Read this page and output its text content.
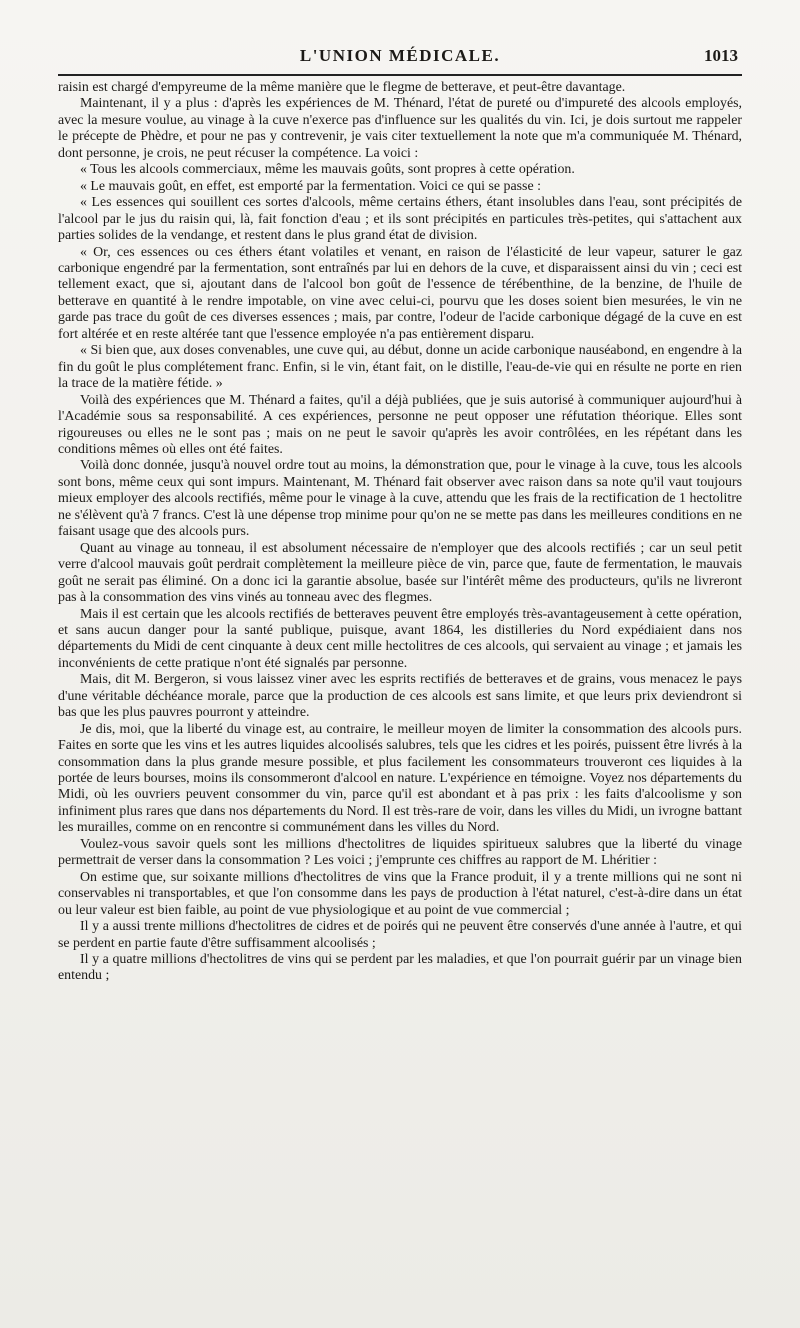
L'UNION MÉDICALE.	1013

raisin est chargé d'empyreume de la même manière que le flegme de betterave, et peut-être davantage.

Maintenant, il y a plus : d'après les expériences de M. Thénard, l'état de pureté ou d'impureté des alcools employés, avec la mesure voulue, au vinage à la cuve n'exerce pas d'influence sur les qualités du vin. Ici, je dois surtout me rappeler le précepte de Phèdre, et pour ne pas y contrevenir, je vais citer textuellement la note que m'a communiquée M. Thénard, dont personne, je crois, ne peut récuser la compétence. La voici :

« Tous les alcools commerciaux, même les mauvais goûts, sont propres à cette opération.

« Le mauvais goût, en effet, est emporté par la fermentation. Voici ce qui se passe :

« Les essences qui souillent ces sortes d'alcools, même certains éthers, étant insolubles dans l'eau, sont précipités de l'alcool par le jus du raisin qui, là, fait fonction d'eau ; et ils sont précipités en particules très-petites, qui s'attachent aux parties solides de la vendange, et restent dans le plus grand état de division.

« Or, ces essences ou ces éthers étant volatiles et venant, en raison de l'élasticité de leur vapeur, saturer le gaz carbonique engendré par la fermentation, sont entraînés par lui en dehors de la cuve, et disparaissent ainsi du vin ; ceci est tellement exact, que si, ajoutant dans de l'alcool bon goût de l'essence de térébenthine, de la benzine, de l'huile de betterave en quantité à le rendre impotable, on vine avec celui-ci, pourvu que les doses soient bien mesurées, le vin ne garde pas trace du goût de ces diverses essences ; mais, par contre, l'odeur de l'acide carbonique dégagé de la cuve en est fort altérée et en reste altérée tant que l'essence employée n'a pas entièrement disparu.

« Si bien que, aux doses convenables, une cuve qui, au début, donne un acide carbonique nauséabond, en engendre à la fin du goût le plus complétement franc. Enfin, si le vin, étant fait, on le distille, l'eau-de-vie qui en résulte ne porte en rien la trace de la matière fétide. »

Voilà des expériences que M. Thénard a faites, qu'il a déjà publiées, que je suis autorisé à communiquer aujourd'hui à l'Académie sous sa responsabilité. A ces expériences, personne ne peut opposer une réfutation théorique. Elles sont rigoureuses ou elles ne le sont pas ; mais on ne peut le savoir qu'après les avoir contrôlées, en les répétant dans les conditions mêmes où elles ont été faites.

Voilà donc donnée, jusqu'à nouvel ordre tout au moins, la démonstration que, pour le vinage à la cuve, tous les alcools sont bons, même ceux qui sont impurs. Maintenant, M. Thénard fait observer avec raison dans sa note qu'il vaut toujours mieux employer des alcools rectifiés, même pour le vinage à la cuve, attendu que les frais de la rectification de 1 hectolitre ne s'élèvent qu'à 7 francs. C'est là une dépense trop minime pour qu'on ne se mette pas dans les meilleures conditions en ne faisant usage que des alcools purs.

Quant au vinage au tonneau, il est absolument nécessaire de n'employer que des alcools rectifiés ; car un seul petit verre d'alcool mauvais goût perdrait complètement la meilleure pièce de vin, parce que, faute de fermentation, le mauvais goût ne serait pas éliminé. On a donc ici la garantie absolue, basée sur l'intérêt même des producteurs, qu'ils ne livreront pas à la consommation des vins vinés au tonneau avec des flegmes.

Mais il est certain que les alcools rectifiés de betteraves peuvent être employés très-avantageusement à cette opération, et sans aucun danger pour la santé publique, puisque, avant 1864, les distilleries du Nord expédiaient dans nos départements du Midi de cent cinquante à deux cent mille hectolitres de ces alcools, qui servaient au vinage ; et jamais les inconvénients de cette pratique n'ont été signalés par personne.

Mais, dit M. Bergeron, si vous laissez viner avec les esprits rectifiés de betteraves et de grains, vous menacez le pays d'une véritable déchéance morale, parce que la production de ces alcools est sans limite, et que leurs prix deviendront si bas que les plus pauvres pourront y atteindre.

Je dis, moi, que la liberté du vinage est, au contraire, le meilleur moyen de limiter la consommation des alcools purs. Faites en sorte que les vins et les autres liquides alcoolisés salubres, tels que les cidres et les poirés, puissent être livrés à la consommation dans la plus grande mesure possible, et plus facilement les consommateurs trouveront ces liquides à la portée de leurs bourses, moins ils consommeront d'alcool en nature. L'expérience en témoigne. Voyez nos départements du Midi, où les ouvriers peuvent consommer du vin, parce qu'il est abondant et à pas prix : les faits d'alcoolisme y son infiniment plus rares que dans nos départements du Nord. Il est très-rare de voir, dans les villes du Midi, un ivrogne battant les murailles, comme on en rencontre si communément dans les villes du Nord.

Voulez-vous savoir quels sont les millions d'hectolitres de liquides spiritueux salubres que la liberté du vinage permettrait de verser dans la consommation ? Les voici ; j'emprunte ces chiffres au rapport de M. Lhéritier :

On estime que, sur soixante millions d'hectolitres de vins que la France produit, il y a trente millions qui ne sont ni conservables ni transportables, et que l'on consomme dans les pays de production à l'état naturel, c'est-à-dire dans un état ou leur valeur est bien faible, au point de vue physiologique et au point de vue commercial ;

Il y a aussi trente millions d'hectolitres de cidres et de poirés qui ne peuvent être conservés d'une année à l'autre, et qui se perdent en partie faute d'être suffisamment alcoolisés ;

Il y a quatre millions d'hectolitres de vins qui se perdent par les maladies, et que l'on pourrait guérir par un vinage bien entendu ;
